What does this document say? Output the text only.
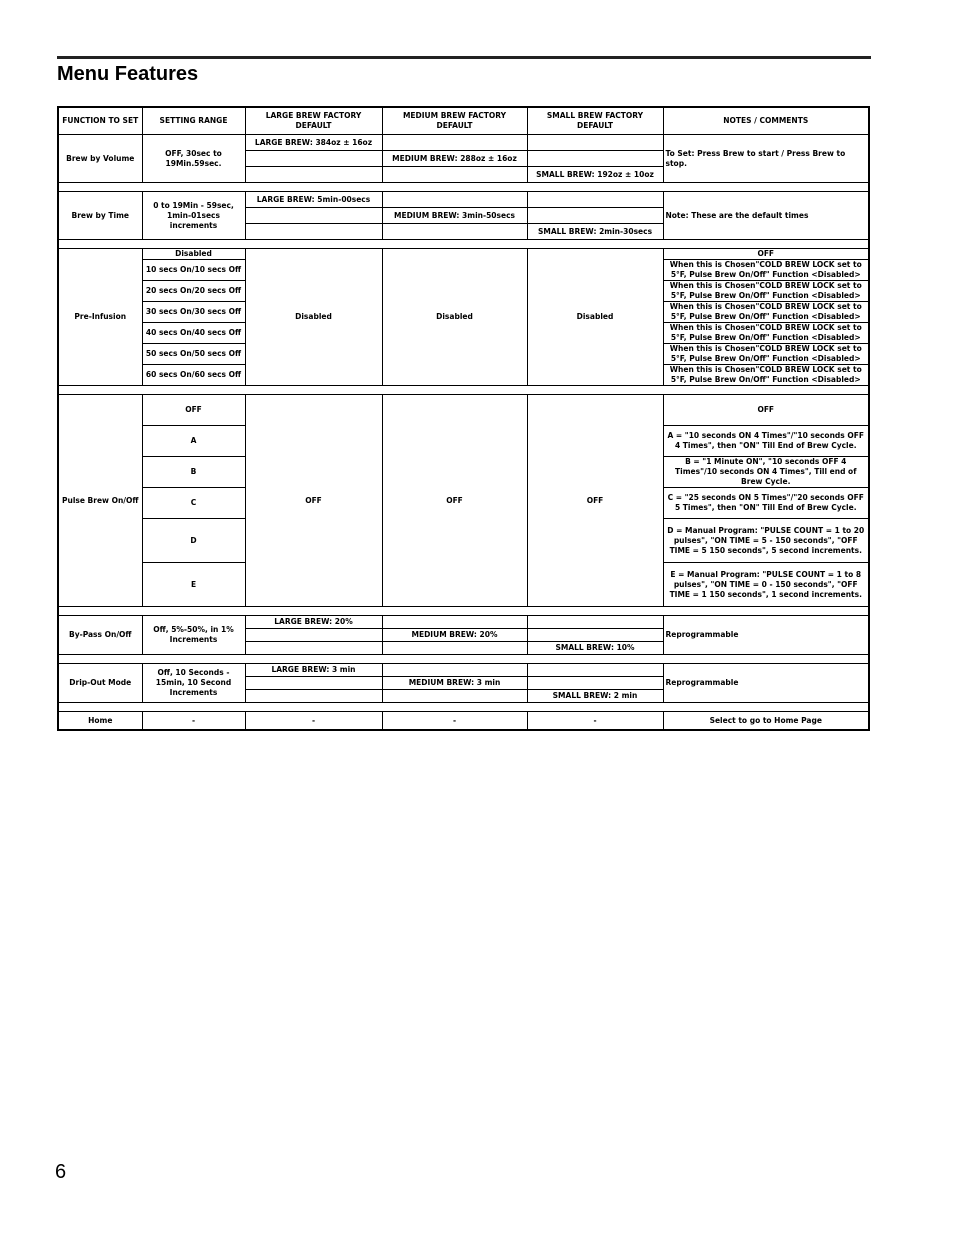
Menu Features
FUNCTION TO SET	SETTING RANGE	LARGE BREW FACTORY DEFAULT	MEDIUM BREW FACTORY DEFAULT	SMALL BREW FACTORY DEFAULT	NOTES / COMMENTS
Brew by Volume	OFF, 30sec to 19Min.59sec.	LARGE BREW: 384oz ± 16oz			To Set: Press Brew to start / Press Brew to stop.
			MEDIUM BREW: 288oz ± 16oz		
				SMALL BREW: 192oz ± 10oz	

Brew by Time	0 to 19Min - 59sec, 1min-01secs increments	LARGE BREW: 5min-00secs			Note: These are the default times
			MEDIUM BREW: 3min-50secs		
				SMALL BREW: 2min-30secs	

Pre-Infusion	Disabled	Disabled	Disabled	Disabled	OFF
	10 secs On/10 secs Off				When this is Chosen"COLD BREW LOCK set to 5°F, Pulse Brew On/Off" Function <Disabled>
	20 secs On/20 secs Off				When this is Chosen"COLD BREW LOCK set to 5°F, Pulse Brew On/Off" Function <Disabled>
	30 secs On/30 secs Off				When this is Chosen"COLD BREW LOCK set to 5°F, Pulse Brew On/Off" Function <Disabled>
	40 secs On/40 secs Off				When this is Chosen"COLD BREW LOCK set to 5°F, Pulse Brew On/Off" Function <Disabled>
	50 secs On/50 secs Off				When this is Chosen"COLD BREW LOCK set to 5°F, Pulse Brew On/Off" Function <Disabled>
	60 secs On/60 secs Off				When this is Chosen"COLD BREW LOCK set to 5°F, Pulse Brew On/Off" Function <Disabled>

Pulse Brew On/Off	OFF	OFF	OFF	OFF	OFF
	A				A = "10 seconds ON 4 Times"/"10 seconds OFF 4 Times", then "ON" Till End of Brew Cycle.
	B				B = "1 Minute ON", "10 seconds OFF 4 Times"/10 seconds ON 4 Times", Till end of Brew Cycle.
	C				C = "25 seconds ON 5 Times"/"20 seconds OFF 5 Times", then "ON" Till End of Brew Cycle.
	D				D = Manual Program: "PULSE COUNT = 1 to 20 pulses", "ON TIME = 5 - 150 seconds", "OFF TIME = 5 150 seconds", 5 second increments.
	E				E = Manual Program: "PULSE COUNT = 1 to 8 pulses", "ON TIME = 0 - 150 seconds", "OFF TIME = 1 150 seconds", 1 second increments.

By-Pass On/Off	Off, 5%-50%, in 1% Increments	LARGE BREW: 20%			Reprogrammable
			MEDIUM BREW: 20%		
				SMALL BREW: 10%	

Drip-Out Mode	Off, 10 Seconds - 15min, 10 Second Increments	LARGE BREW: 3 min			Reprogrammable
			MEDIUM BREW: 3 min		
				SMALL BREW: 2 min	

Home	-	-	-	-	Select to go to Home Page
6
